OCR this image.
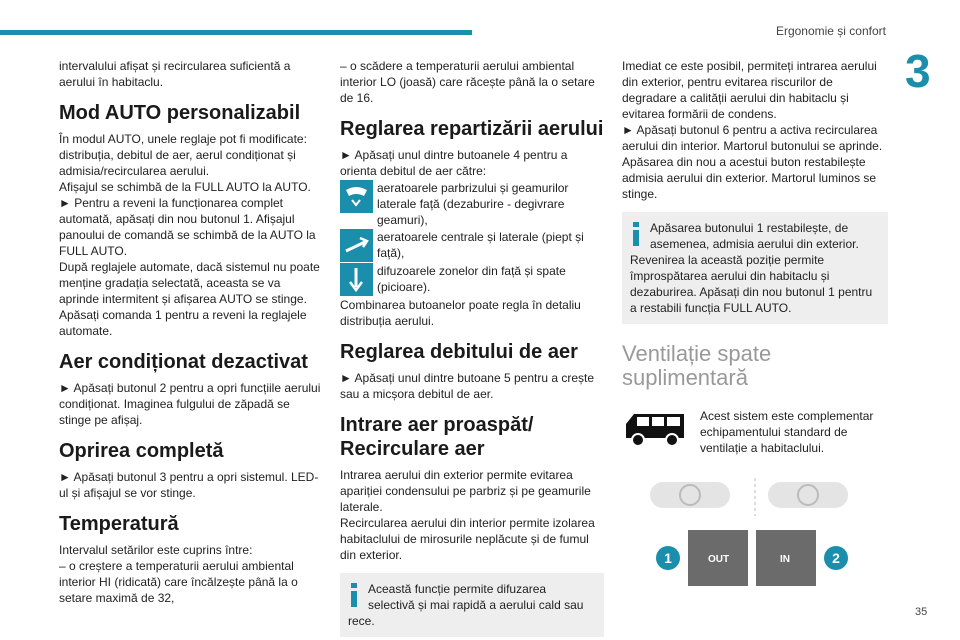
Ergonomie și confort
3

intervalului afișat și recircularea suficientă a aerului în habitaclu.

Mod AUTO personalizabil

În modul AUTO, unele reglaje pot fi modificate: distribuția, debitul de aer, aerul condiționat și admisia/recircularea aerului.

Afișajul se schimbă de la FULL AUTO la AUTO.

► Pentru a reveni la funcționarea complet automată, apăsați din nou butonul 1. Afișajul panoului de comandă se schimbă de la AUTO la FULL AUTO.

După reglajele automate, dacă sistemul nu poate menține gradația selectată, aceasta se va aprinde intermitent și afișarea AUTO se stinge.

Apăsați comanda 1 pentru a reveni la reglajele automate.

Aer condiționat dezactivat

► Apăsați butonul 2 pentru a opri funcțiile aerului condiționat. Imaginea fulgului de zăpadă se stinge pe afișaj.

Oprirea completă

► Apăsați butonul 3 pentru a opri sistemul. LED-ul și afișajul se vor stinge.

Temperatură

Intervalul setărilor este cuprins între:

– o creștere a temperaturii aerului ambiental interior HI (ridicată) care încălzește până la o setare maximă de 32,

– o scădere a temperaturii aerului ambiental interior LO (joasă) care răcește până la o setare de 16.

Reglarea repartizării aerului

► Apăsați unul dintre butoanele 4 pentru a orienta debitul de aer către:

aeratoarele parbrizului și geamurilor laterale față (dezaburire - degivrare geamuri),
aeratoarele centrale și laterale (piept și față),
difuzoarele zonelor din față și spate (picioare).

Combinarea butoanelor poate regla în detaliu distribuția aerului.

Reglarea debitului de aer

► Apăsați unul dintre butoane 5 pentru a crește sau a micșora debitul de aer.

Intrare aer proaspăt/ Recirculare aer

Intrarea aerului din exterior permite evitarea apariției condensului pe parbriz și pe geamurile laterale.

Recircularea aerului din interior permite izolarea habitaclului de mirosurile neplăcute și de fumul din exterior.

Această funcție permite difuzarea selectivă și mai rapidă a aerului cald sau rece.

Imediat ce este posibil, permiteți intrarea aerului din exterior, pentru evitarea riscurilor de degradare a calității aerului din habitaclu și evitarea formării de condens.

► Apăsați butonul 6 pentru a activa recircularea aerului din interior. Martorul butonului se aprinde.

Apăsarea din nou a acestui buton restabilește admisia aerului din exterior. Martorul luminos se stinge.

Apăsarea butonului 1 restabilește, de asemenea, admisia aerului din exterior.

Revenirea la această poziție permite împrospătarea aerului din habitaclu și dezaburirea. Apăsați din nou butonul 1 pentru a restabili funcția FULL AUTO.

Ventilație spate suplimentară
Acest sistem este complementar echipamentului standard de ventilație a habitaclului.
OUT	IN
1	2
35
